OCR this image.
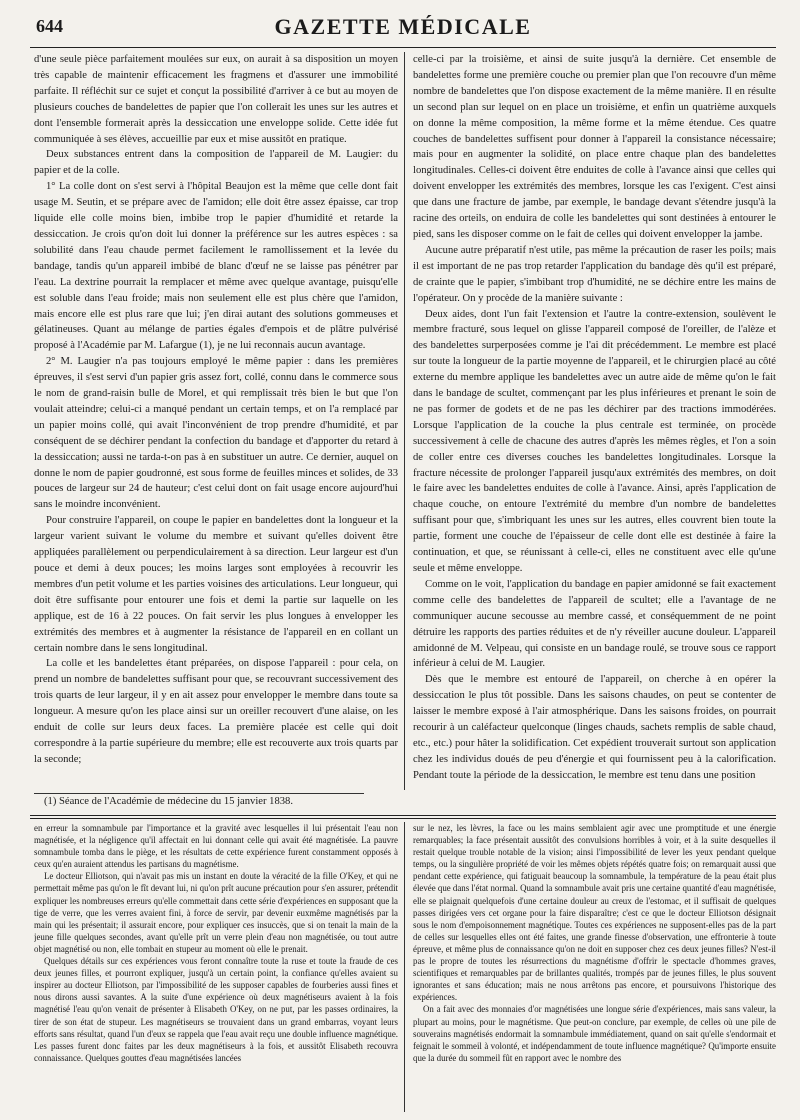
644	GAZETTE MÉDICALE

d'une seule pièce parfaitement moulées sur eux, on aurait à sa disposition un moyen très capable de maintenir efficacement les fragmens et d'assurer une immobilité parfaite. Il réfléchit sur ce sujet et conçut la possibilité d'arriver à ce but au moyen de plusieurs couches de bandelettes de papier que l'on collerait les unes sur les autres et dont l'ensemble formerait après la dessiccation une enveloppe solide. Cette idée fut communiquée à ses élèves, accueillie par eux et mise aussitôt en pratique.

Deux substances entrent dans la composition de l'appareil de M. Laugier: du papier et de la colle.

1° La colle dont on s'est servi à l'hôpital Beaujon est la même que celle dont fait usage M. Seutin, et se prépare avec de l'amidon; elle doit être assez épaisse, car trop liquide elle colle moins bien, imbibe trop le papier d'humidité et retarde la dessiccation. Je crois qu'on doit lui donner la préférence sur les autres espèces : sa solubilité dans l'eau chaude permet facilement le ramollissement et la levée du bandage, tandis qu'un appareil imbibé de blanc d'œuf ne se laisse pas pénétrer par l'eau. La dextrine pourrait la remplacer et même avec quelque avantage, puisqu'elle est soluble dans l'eau froide; mais non seulement elle est plus chère que l'amidon, mais encore elle est plus rare que lui; j'en dirai autant des solutions gommeuses et gélatineuses. Quant au mélange de parties égales d'empois et de plâtre pulvérisé proposé à l'Académie par M. Lafargue (1), je ne lui reconnais aucun avantage.

2° M. Laugier n'a pas toujours employé le même papier : dans les premières épreuves, il s'est servi d'un papier gris assez fort, collé, connu dans le commerce sous le nom de grand-raisin bulle de Morel, et qui remplissait très bien le but que l'on voulait atteindre; celui-ci a manqué pendant un certain temps, et on l'a remplacé par un papier moins collé, qui avait l'inconvénient de trop prendre d'humidité, et par conséquent de se déchirer pendant la confection du bandage et d'apporter du retard à la dessiccation; aussi ne tarda-t-on pas à en substituer un autre. Ce dernier, auquel on donne le nom de papier goudronné, est sous forme de feuilles minces et solides, de 33 pouces de largeur sur 24 de hauteur; c'est celui dont on fait usage encore aujourd'hui sans le moindre inconvénient.

Pour construire l'appareil, on coupe le papier en bandelettes dont la longueur et la largeur varient suivant le volume du membre et suivant qu'elles doivent être appliquées parallèlement ou perpendiculairement à sa direction. Leur largeur est d'un pouce et demi à deux pouces; les moins larges sont employées à recouvrir les membres d'un petit volume et les parties voisines des articulations. Leur longueur, qui doit être suffisante pour entourer une fois et demi la partie sur laquelle on les applique, est de 16 à 22 pouces. On fait servir les plus longues à envelopper les extrémités des membres et à augmenter la résistance de l'appareil en en collant un certain nombre dans le sens longitudinal.

La colle et les bandelettes étant préparées, on dispose l'appareil : pour cela, on prend un nombre de bandelettes suffisant pour que, se recouvrant successivement des trois quarts de leur largeur, il y en ait assez pour envelopper le membre dans toute sa longueur. A mesure qu'on les place ainsi sur un oreiller recouvert d'une alaise, on les enduit de colle sur leurs deux faces. La première placée est celle qui doit correspondre à la partie supérieure du membre; elle est recouverte aux trois quarts par la seconde;

celle-ci par la troisième, et ainsi de suite jusqu'à la dernière. Cet ensemble de bandelettes forme une première couche ou premier plan que l'on recouvre d'un même nombre de bandelettes que l'on dispose exactement de la même manière. Il en résulte un second plan sur lequel on en place un troisième, et enfin un quatrième auxquels on donne la même composition, la même forme et la même étendue. Ces quatre couches de bandelettes suffisent pour donner à l'appareil la consistance nécessaire; mais pour en augmenter la solidité, on place entre chaque plan des bandelettes longitudinales. Celles-ci doivent être enduites de colle à l'avance ainsi que celles qui doivent envelopper les extrémités des membres, lorsque les cas l'exigent. C'est ainsi que dans une fracture de jambe, par exemple, le bandage devant s'étendre jusqu'à la racine des orteils, on enduira de colle les bandelettes qui sont destinées à entourer le pied, sans les disposer comme on le fait de celles qui doivent envelopper la jambe.

Aucune autre préparatif n'est utile, pas même la précaution de raser les poils; mais il est important de ne pas trop retarder l'application du bandage dès qu'il est préparé, de crainte que le papier, s'imbibant trop d'humidité, ne se déchire entre les mains de l'opérateur. On y procède de la manière suivante :

Deux aides, dont l'un fait l'extension et l'autre la contre-extension, soulèvent le membre fracturé, sous lequel on glisse l'appareil composé de l'oreiller, de l'alèze et des bandelettes surperposées comme je l'ai dit précédemment. Le membre est placé sur toute la longueur de la partie moyenne de l'appareil, et le chirurgien placé au côté externe du membre applique les bandelettes avec un autre aide de même qu'on le fait dans le bandage de scultet, commençant par les plus inférieures et prenant le soin de ne pas former de godets et de ne pas les déchirer par des tractions immodérées. Lorsque l'application de la couche la plus centrale est terminée, on procède successivement à celle de chacune des autres d'après les mêmes règles, et l'on a soin de coller entre ces diverses couches les bandelettes longitudinales. Lorsque la fracture nécessite de prolonger l'appareil jusqu'aux extrémités des membres, on doit le faire avec les bandelettes enduites de colle à l'avance. Ainsi, après l'application de chaque couche, on entoure l'extrémité du membre d'un nombre de bandelettes suffisant pour que, s'imbriquant les unes sur les autres, elles couvrent bien toute la partie, forment une couche de l'épaisseur de celle dont elle est destinée à faire la continuation, et que, se réunissant à celle-ci, elles ne constituent avec elle qu'une seule et même enveloppe.

Comme on le voit, l'application du bandage en papier amidonné se fait exactement comme celle des bandelettes de l'appareil de scultet; elle a l'avantage de ne communiquer aucune secousse au membre cassé, et conséquemment de ne point détruire les rapports des parties réduites et de n'y réveiller aucune douleur. L'appareil amidonné de M. Velpeau, qui consiste en un bandage roulé, se trouve sous ce rapport inférieur à celui de M. Laugier.

Dès que le membre est entouré de l'appareil, on cherche à en opérer la dessiccation le plus tôt possible. Dans les saisons chaudes, on peut se contenter de laisser le membre exposé à l'air atmosphérique. Dans les saisons froides, on pourrait recourir à un caléfacteur quelconque (linges chauds, sachets remplis de sable chaud, etc., etc.) pour hâter la solidification. Cet expédient trouverait surtout son application chez les individus doués de peu d'énergie et qui fournissent peu à la calorification. Pendant toute la période de la dessiccation, le membre est tenu dans une position

(1) Séance de l'Académie de médecine du 15 janvier 1838.

en erreur la somnambule par l'importance et la gravité avec lesquelles il lui présentait l'eau non magnétisée, et la négligence qu'il affectait en lui donnant celle qui avait été magnétisée. La pauvre somnambule tomba dans le piège, et les résultats de cette expérience furent constamment opposés à ceux qu'en auraient attendus les partisans du magnétisme.

Le docteur Elliotson, qui n'avait pas mis un instant en doute la véracité de la fille O'Key, et qui ne permettait même pas qu'on le fît devant lui, ni qu'on prît aucune précaution pour s'en assurer, prétendit expliquer les nombreuses erreurs qu'elle commettait dans cette série d'expériences en supposant que la tige de verre, que les verres avaient fini, à force de servir, par devenir euxmême magnétisés par la main qui les présentait; il assurait encore, pour expliquer ces insuccès, que si on tenait la main de la jeune fille quelques secondes, avant qu'elle prît un verre plein d'eau non magnétisée, ou tout autre objet magnétisé ou non, elle tombait en stupeur au moment où elle le prenait.

Quelques détails sur ces expériences vous feront connaître toute la ruse et toute la fraude de ces deux jeunes filles, et pourront expliquer, jusqu'à un certain point, la confiance qu'elles avaient su inspirer au docteur Elliotson, par l'impossibilité de les supposer capables de fourberies aussi fines et nous dirons aussi savantes. A la suite d'une expérience où deux magnétiseurs avaient à la fois magnétisé l'eau qu'on venait de présenter à Elisabeth O'Key, on ne put, par les passes ordinaires, la tirer de son état de stupeur. Les magnétiseurs se trouvaient dans un grand embarras, voyant leurs efforts sans résultat, quand l'un d'eux se rappela que l'eau avait reçu une double influence magnétique. Les passes furent donc faites par les deux magnétiseurs à la fois, et aussitôt Elisabeth recouvra connaissance. Quelques gouttes d'eau magnétisées lancées

sur le nez, les lèvres, la face ou les mains semblaient agir avec une promptitude et une énergie remarquables; la face présentait aussitôt des convulsions horribles à voir, et à la suite desquelles il restait quelque trouble notable de la vision; ainsi l'impossibilité de lever les yeux pendant quelque temps, ou la singulière propriété de voir les mêmes objets répétés quatre fois; on remarquait aussi que pendant cette expérience, qui fatiguait beaucoup la somnambule, la température de la peau était plus élevée que dans l'état normal. Quand la somnambule avait pris une certaine quantité d'eau magnétisée, elle se plaignait quelquefois d'une certaine douleur au creux de l'estomac, et il suffisait de quelques passes dirigées vers cet organe pour la faire disparaître; c'est ce que le docteur Elliotson désignait sous le nom d'empoisonnement magnétique. Toutes ces expériences ne supposent-elles pas de la part de celles sur lesquelles elles ont été faites, une grande finesse d'observation, une effronterie à toute épreuve, et même plus de connaissance qu'on ne doit en supposer chez ces deux jeunes filles? N'est-il pas le propre de toutes les résurrections du magnétisme d'offrir le spectacle d'hommes graves, scientifiques et remarquables par de brillantes qualités, trompés par de jeunes filles, le plus souvent ignorantes et sans éducation; mais ne nous arrêtons pas encore, et poursuivons l'historique des expériences.

On a fait avec des monnaies d'or magnétisées une longue série d'expériences, mais sans valeur, la plupart au moins, pour le magnétisme. Que peut-on conclure, par exemple, de celles où une pile de souverains magnétisés endormait la somnambule immédiatement, quand on sait qu'elle s'endormait et feignait le sommeil à volonté, et indépendamment de toute influence magnétique? Qu'importe ensuite que la durée du sommeil fût en rapport avec le nombre des
